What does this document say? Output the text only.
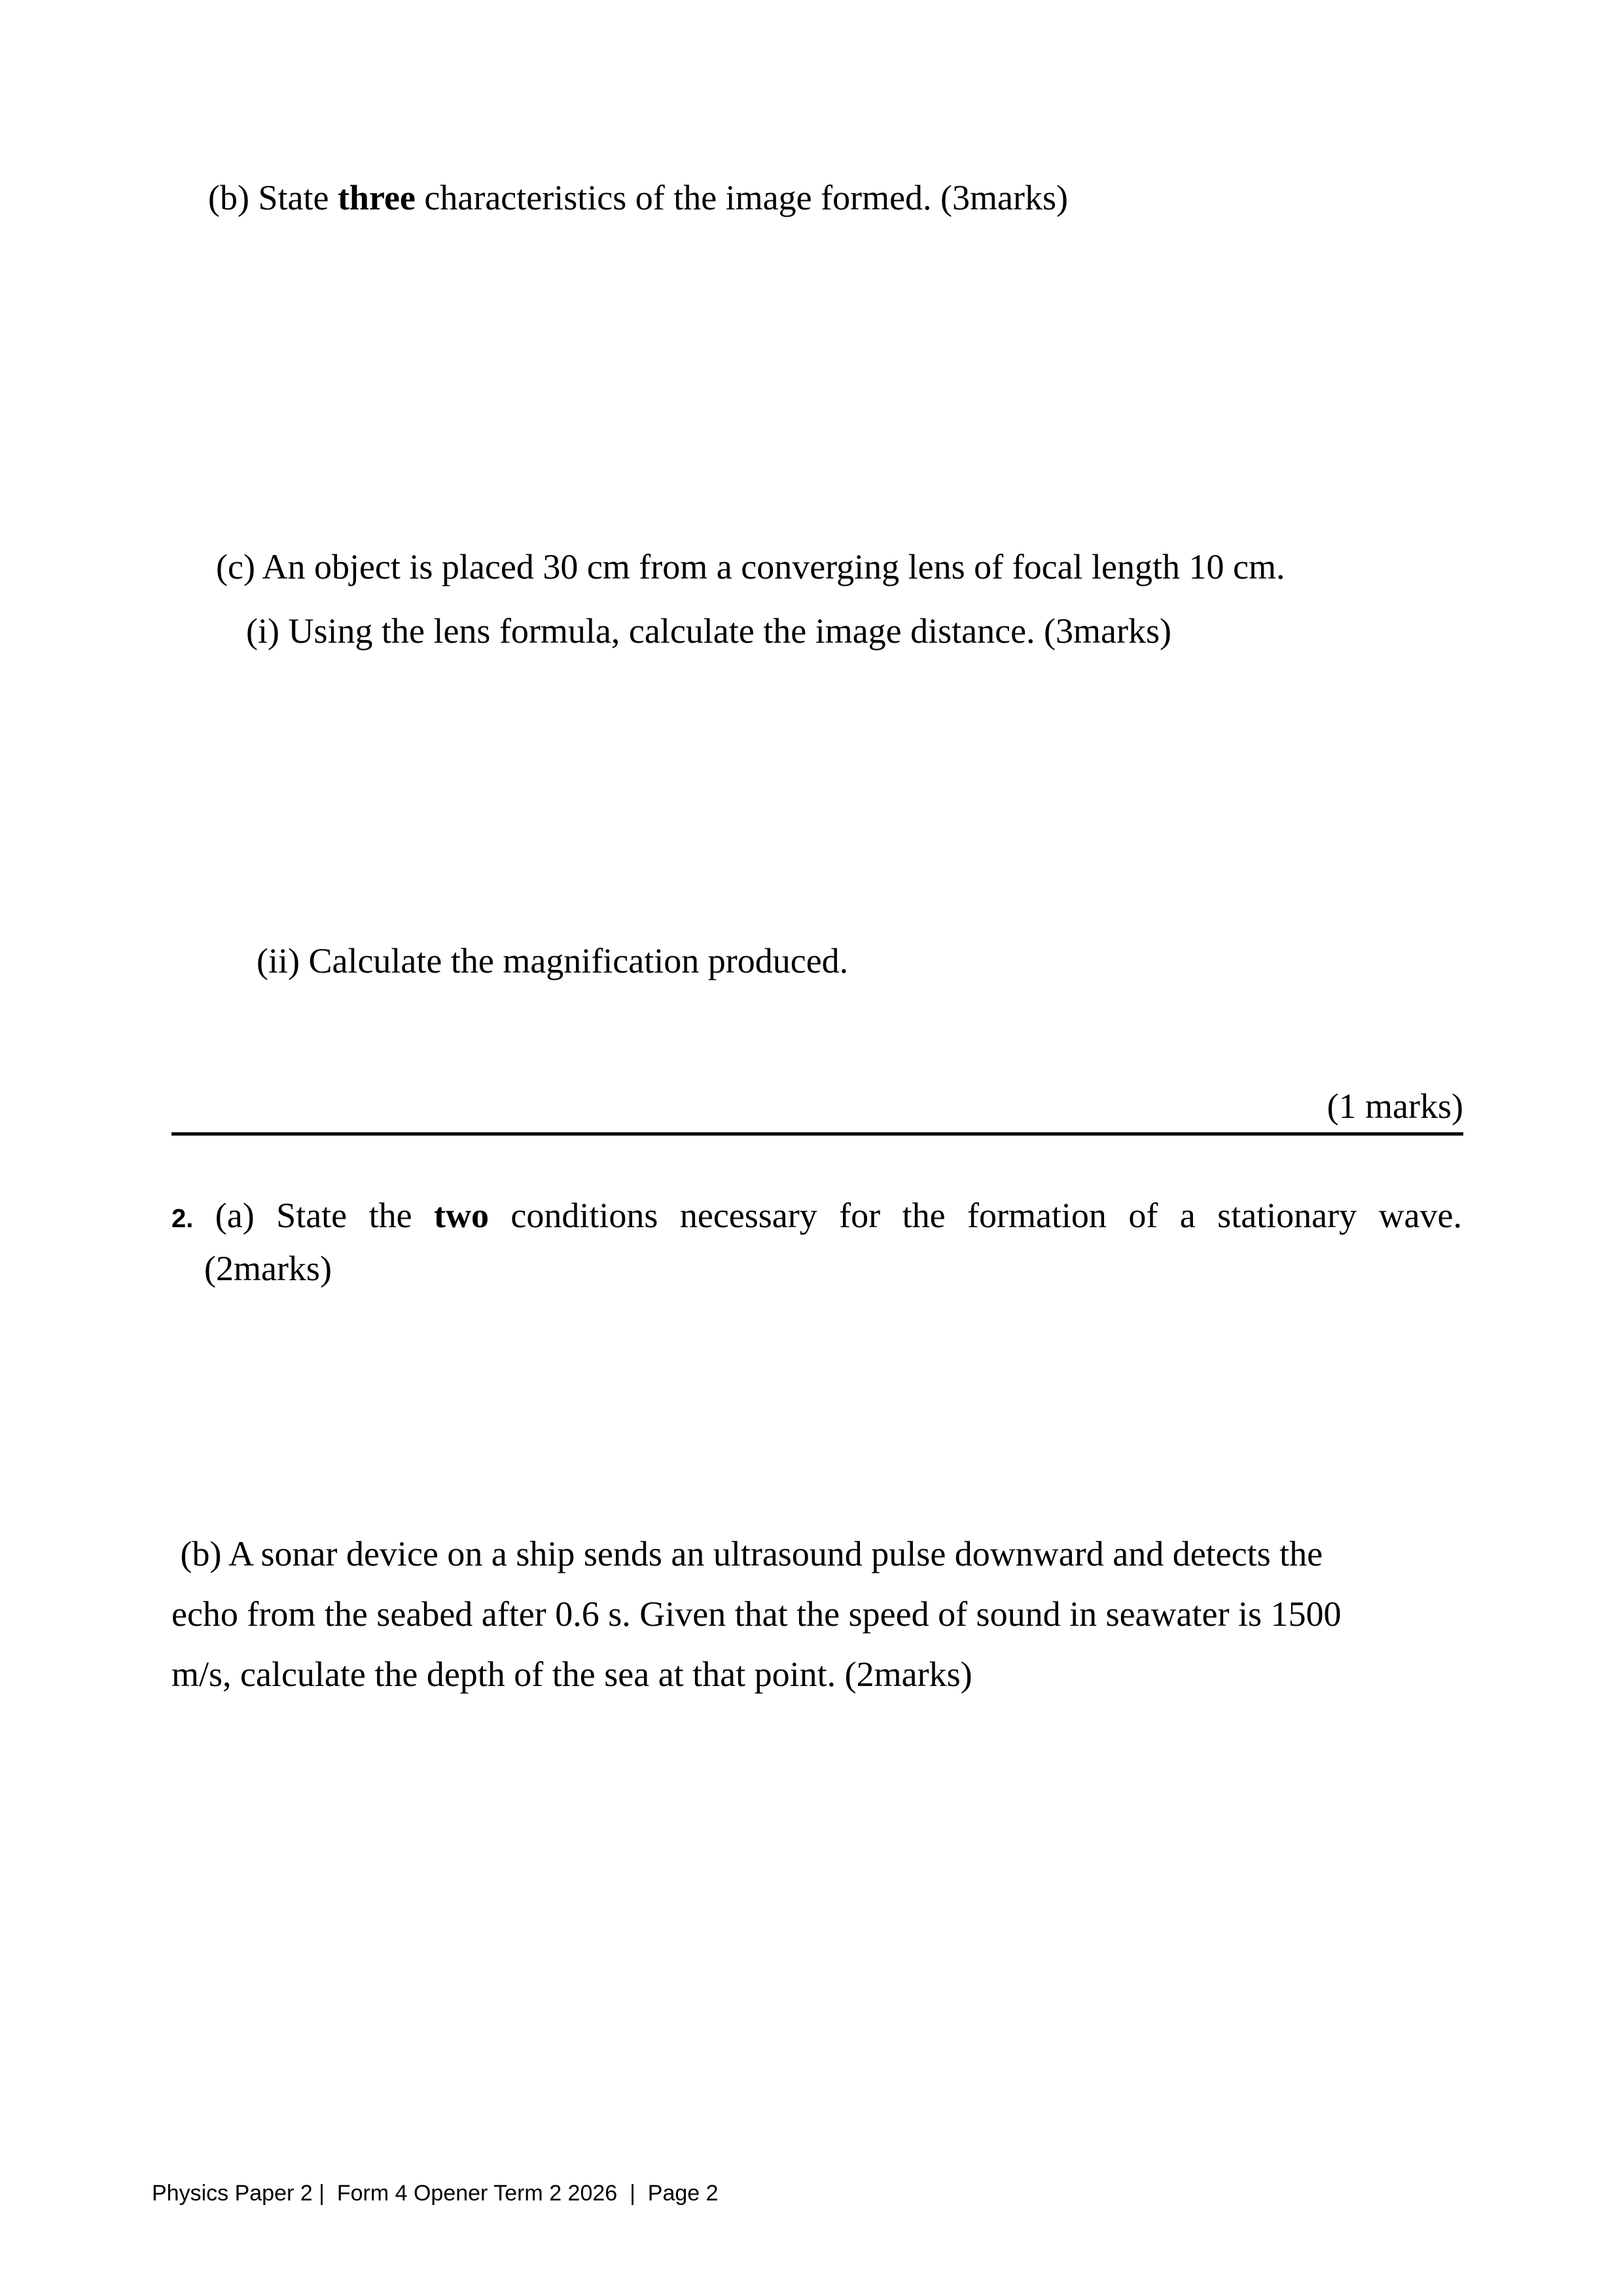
(b) State three characteristics of the image formed. (3marks)
(c) An object is placed 30 cm from a converging lens of focal length 10 cm.
(i) Using the lens formula, calculate the image distance. (3marks)
(ii) Calculate the magnification produced.
(1 marks)
2. (a) State the two conditions necessary for the formation of a stationary wave.
(2marks)
(b) A sonar device on a ship sends an ultrasound pulse downward and detects the
echo from the seabed after 0.6 s. Given that the speed of sound in seawater is 1500
m/s, calculate the depth of the sea at that point. (2marks)
Physics Paper 2 |  Form 4 Opener Term 2 2026  |  Page 2
